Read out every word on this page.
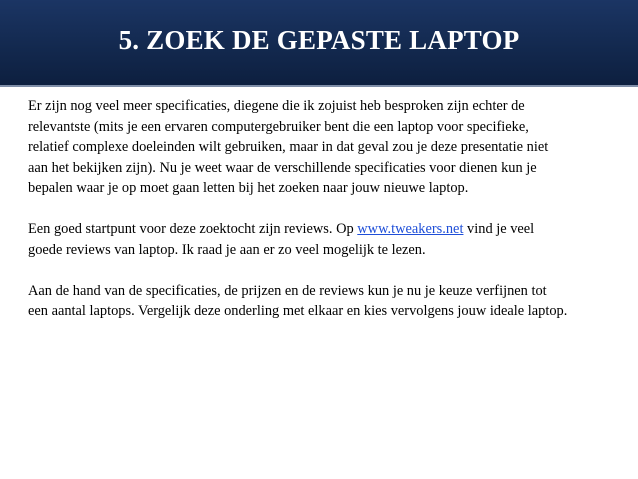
5. ZOEK DE GEPASTE LAPTOP

Er zijn nog veel meer specificaties, diegene die ik zojuist heb besproken zijn echter de
relevantste (mits je een ervaren computergebruiker bent die een laptop voor specifieke,
relatief complexe doeleinden wilt gebruiken, maar in dat geval zou je deze presentatie niet
aan het bekijken zijn). Nu je weet waar de verschillende specificaties voor dienen kun je
bepalen waar je op moet gaan letten bij het zoeken naar jouw nieuwe laptop.

Een goed startpunt voor deze zoektocht zijn reviews. Op www.tweakers.net vind je veel
goede reviews van laptop. Ik raad je aan er zo veel mogelijk te lezen.

Aan de hand van de specificaties, de prijzen en de reviews kun je nu je keuze verfijnen tot
een aantal laptops. Vergelijk deze onderling met elkaar en kies vervolgens jouw ideale laptop.
